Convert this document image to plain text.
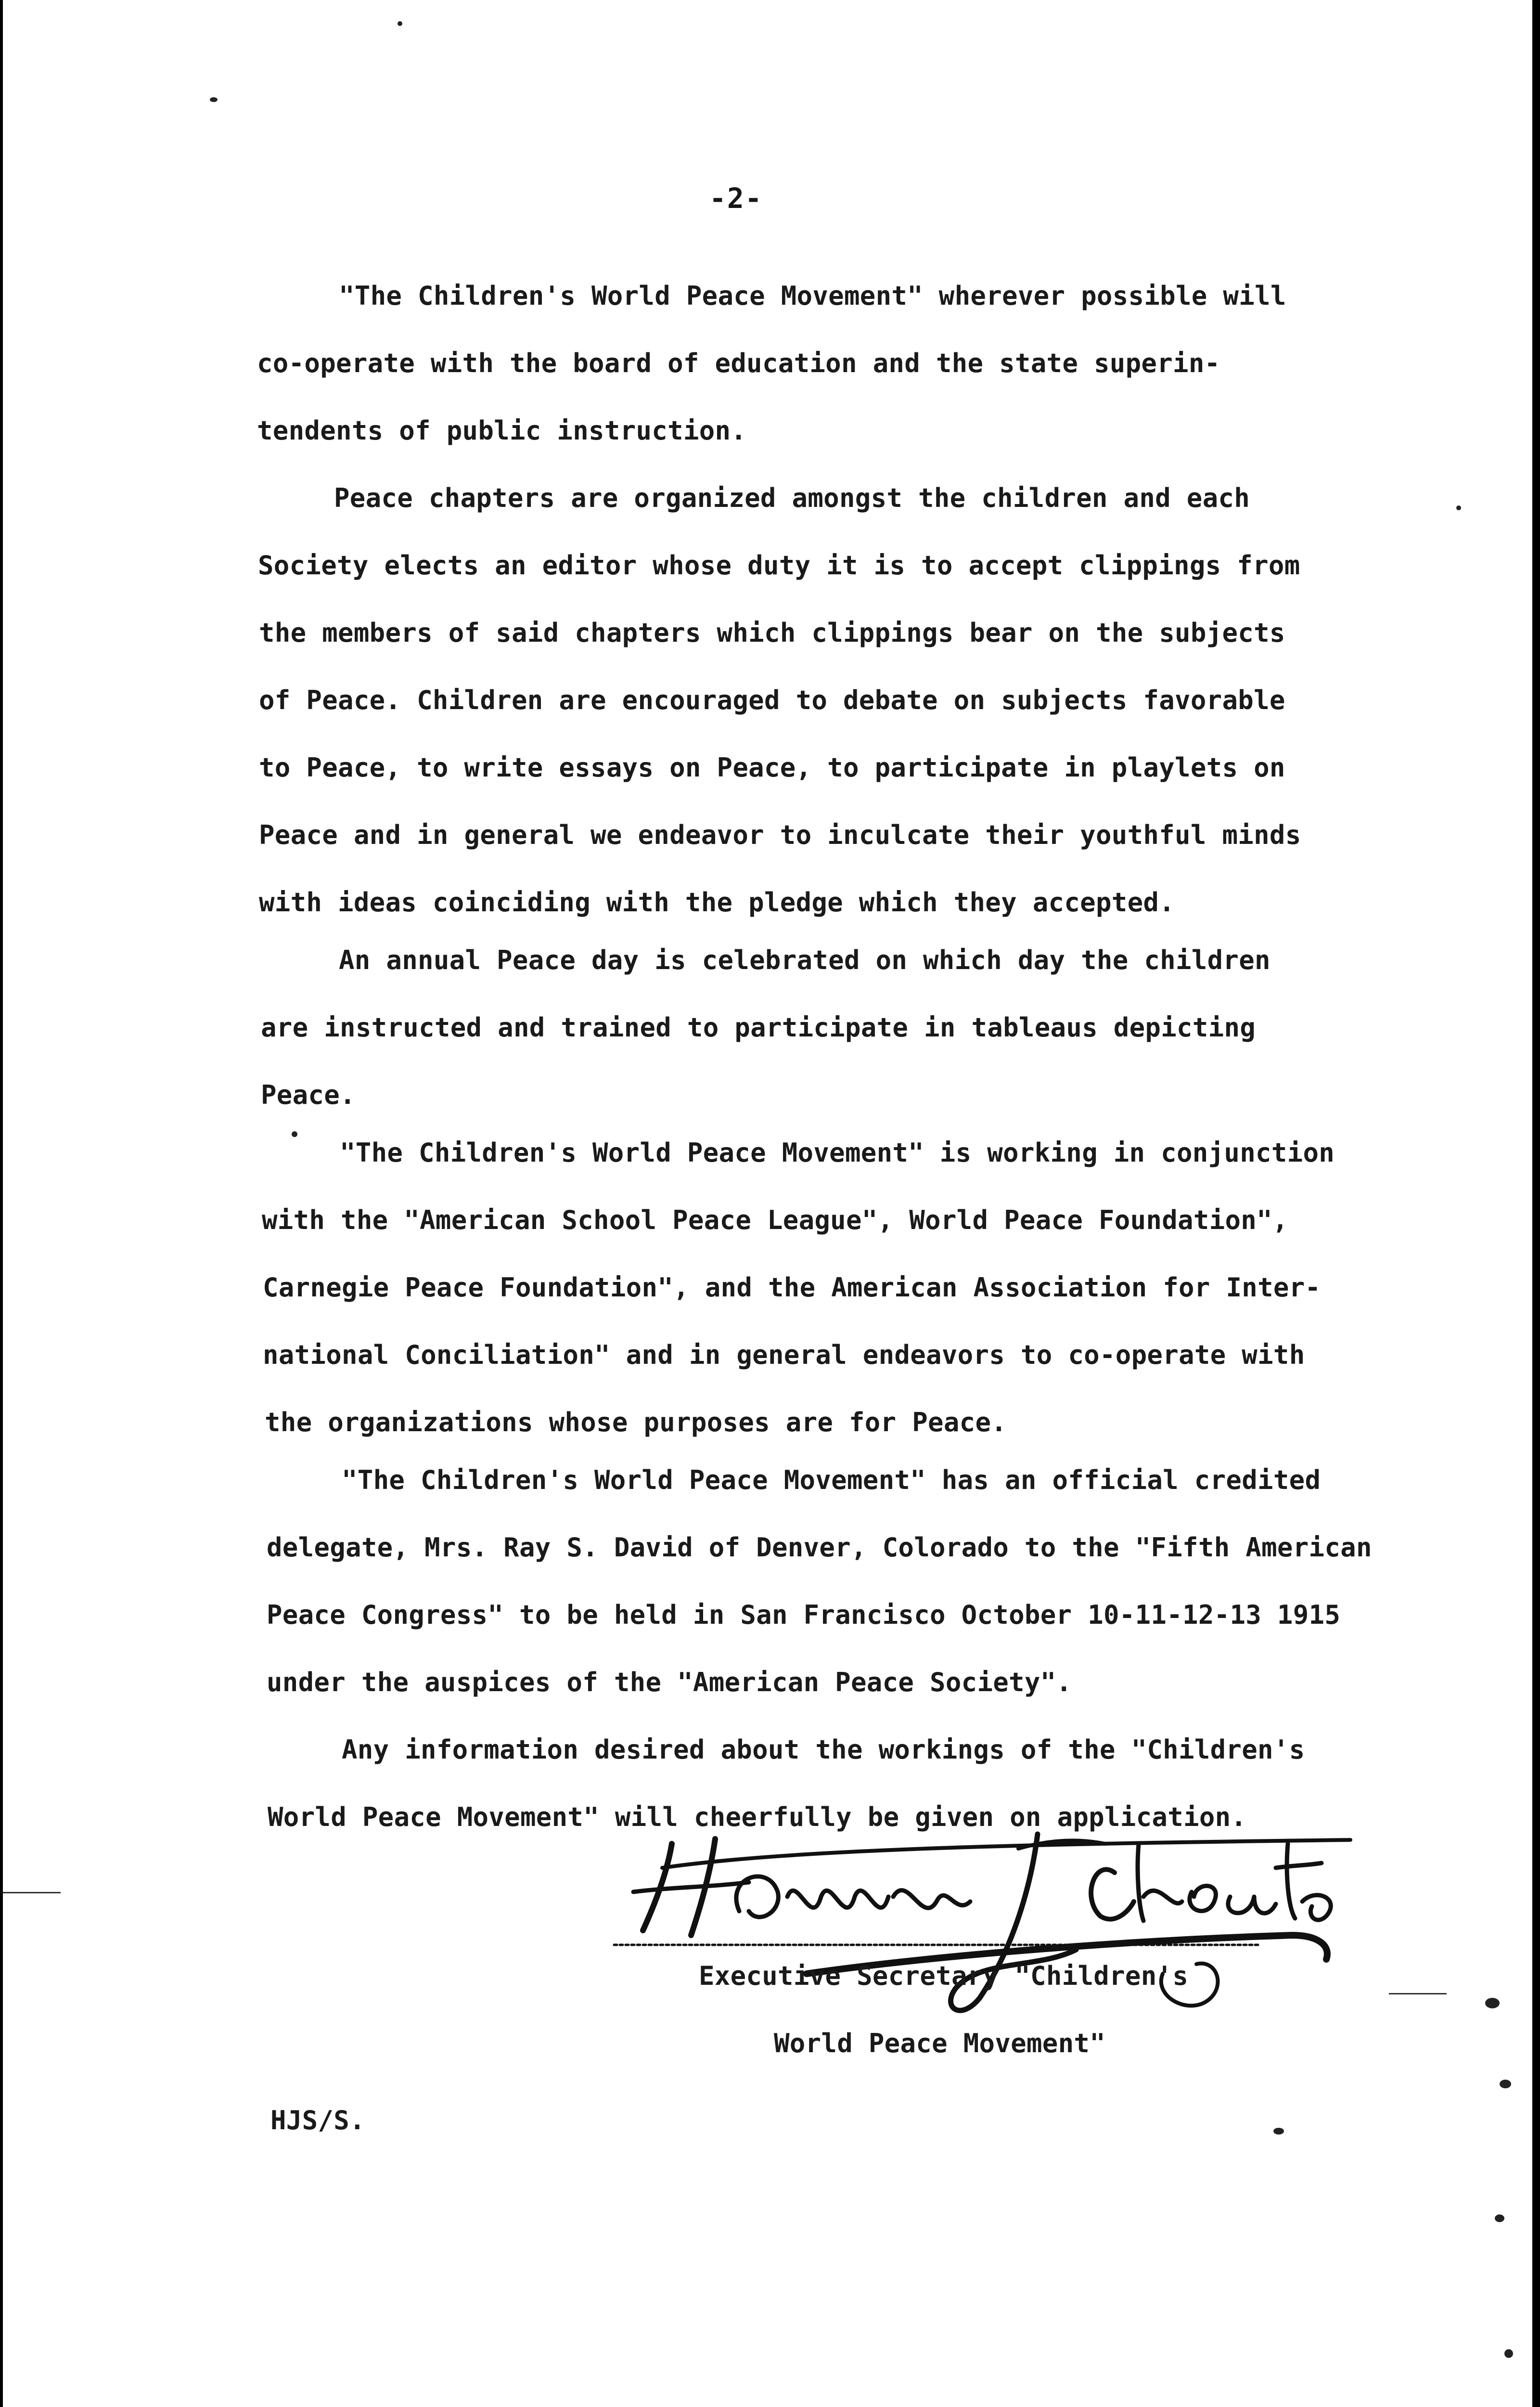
-2-

"The Children's World Peace Movement" wherever possible will

co-operate with the board of education and the state superin-

tendents of public instruction.

Peace chapters are organized amongst the children and each

Society elects an editor whose duty it is to accept clippings from

the members of said chapters which clippings bear on the subjects

of Peace. Children are encouraged to debate on subjects favorable

to Peace, to write essays on Peace, to participate in playlets on

Peace and in general we endeavor to inculcate their youthful minds

with ideas coinciding with the pledge which they accepted.

An annual Peace day is celebrated on which day the children

are instructed and trained to participate in tableaus depicting

Peace.

"The Children's World Peace Movement" is working in conjunction

with the "American School Peace League", World Peace Foundation",

Carnegie Peace Foundation", and the American Association for Inter-

national Conciliation" and in general endeavors to co-operate with

the organizations whose purposes are for Peace.

"The Children's World Peace Movement" has an official credited

delegate, Mrs. Ray S. David of Denver, Colorado to the "Fifth American

Peace Congress" to be held in San Francisco October 10-11-12-13 1915

under the auspices of the "American Peace Society".

Any information desired about the workings of the "Children's

World Peace Movement" will cheerfully be given on application.

Executive Secretary "Children's

World Peace Movement"

HJS/S.
